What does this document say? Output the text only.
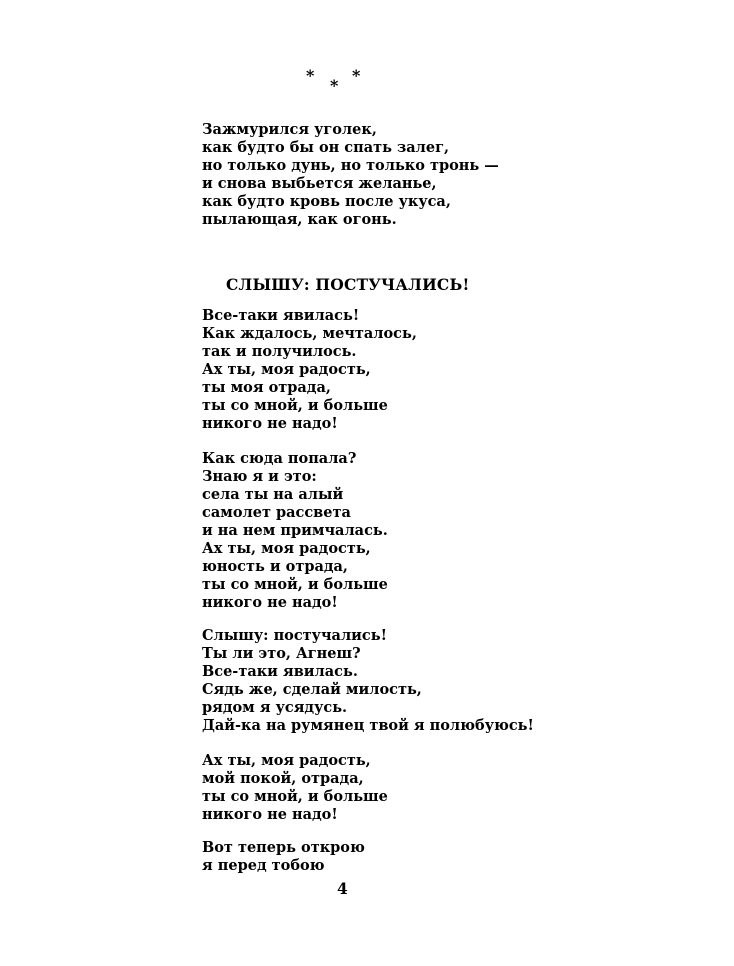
*
*
*
Зажмурился уголек,
как будто бы он спать залег,
но только дунь, но только тронь —
и снова выбьется желанье,
как будто кровь после укуса,
пылающая, как огонь.
СЛЫШУ: ПОСТУЧАЛИСЬ!
Все-таки явилась!
Как ждалось, мечталось,
так и получилось.
Ах ты, моя радость,
ты моя отрада,
ты со мной, и больше
никого не надо!
Как сюда попала?
Знаю я и это:
села ты на алый
самолет рассвета
и на нем примчалась.
Ах ты, моя радость,
юность и отрада,
ты со мной, и больше
никого не надо!
Слышу: постучались!
Ты ли это, Агнеш?
Все-таки явилась.
Сядь же, сделай милость,
рядом я усядусь.
Дай-ка на румянец твой я полюбуюсь!
Ах ты, моя радость,
мой покой, отрада,
ты со мной, и больше
никого не надо!
Вот теперь открою
я перед тобою
4
